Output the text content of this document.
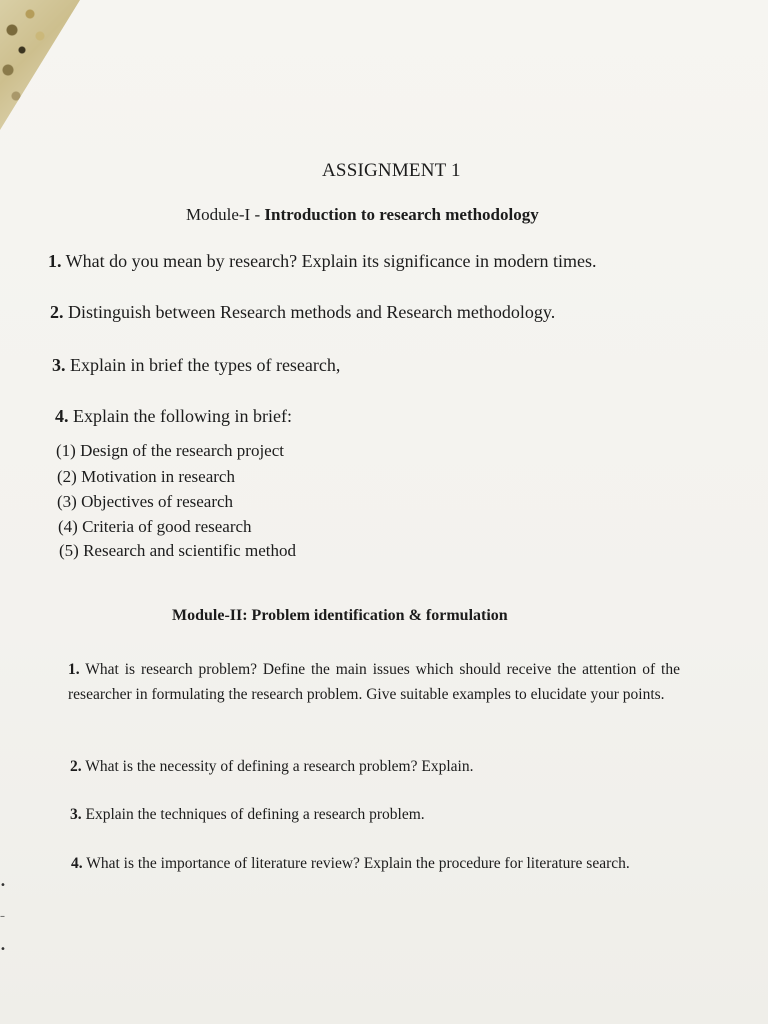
ASSIGNMENT 1
Module-I - Introduction to research methodology
1. What do you mean by research? Explain its significance in modern times.
2. Distinguish between Research methods and Research methodology.
3. Explain in brief the types of research,
4. Explain the following in brief:
(1) Design of the research project
(2) Motivation in research
(3) Objectives of research
(4) Criteria of good research
(5) Research and scientific method
Module-II: Problem identification & formulation
1. What is research problem? Define the main issues which should receive the attention of the researcher in formulating the research problem. Give suitable examples to elucidate your points.
2. What is the necessity of defining a research problem? Explain.
3. Explain the techniques of defining a research problem.
4. What is the importance of literature review? Explain the procedure for literature search.
•
–
•
